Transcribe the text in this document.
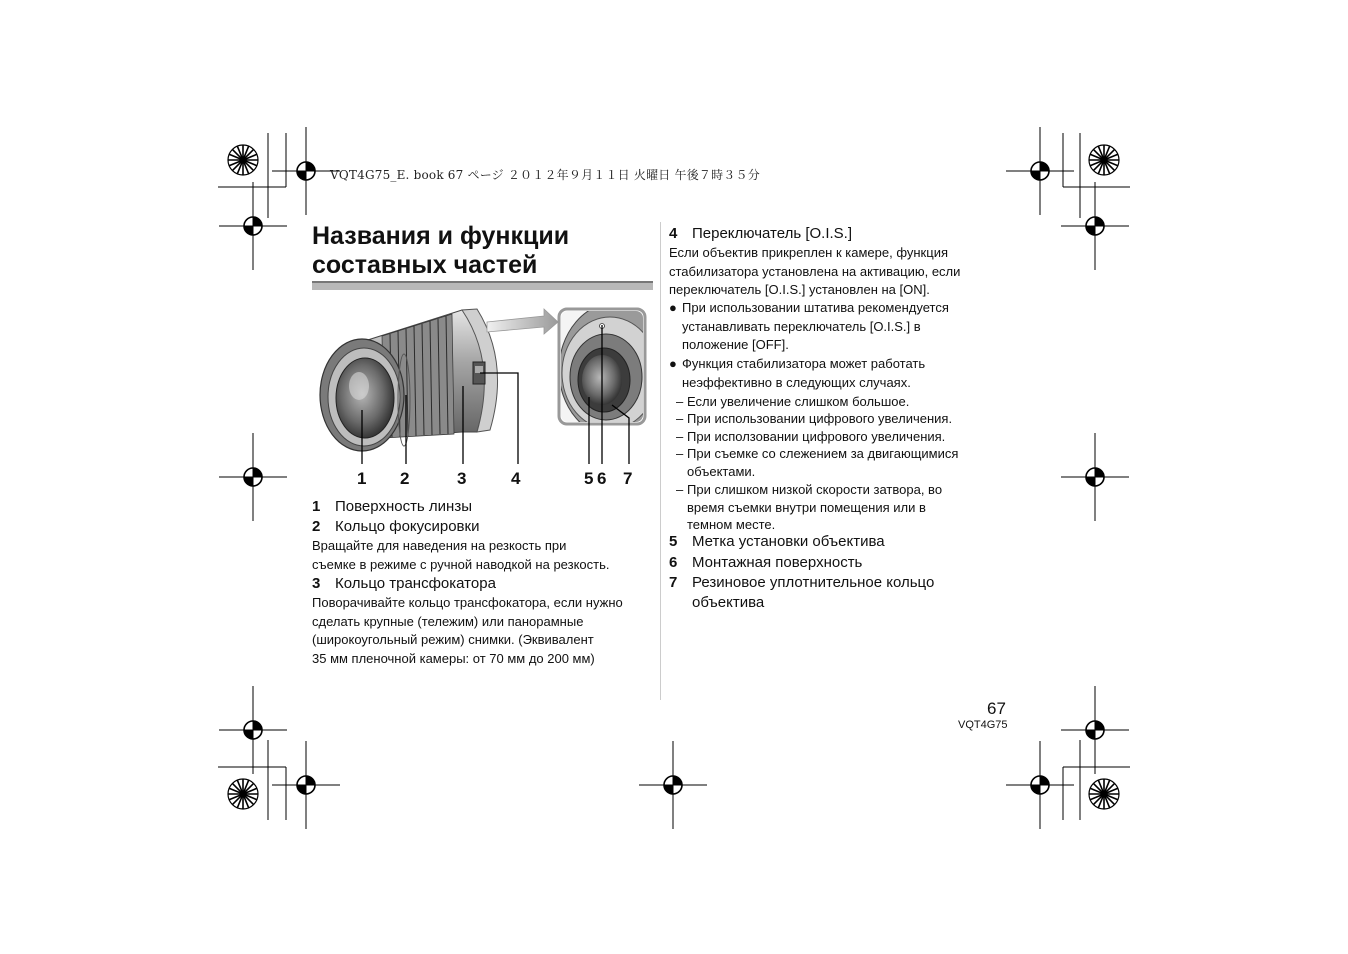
VQT4G75_E. book 67 ページ ２０１２年９月１１日 火曜日 午後７時３５分
Названия и функции
составных частей
1 2	3	4	5 6 7
1 Поверхность линзы
2 Кольцо фокусировки
Вращайте для наведения на резкость при
съемке в режиме с ручной наводкой на резкость.
3 Кольцо трансфокатора
Поворачивайте кольцо трансфокатора, если нужно
сделать крупные (тележим) или панорамные
(широкоугольный режим) снимки. (Эквивалент
35 мм пленочной камеры: от 70 мм до 200 мм)
4 Переключатель [O.I.S.]
Если объектив прикреплен к камере, функция
стабилизатора установлена на активацию, если
переключатель [O.I.S.] установлен на [ON].
● При использовании штатива рекомендуется
устанавливать переключатель [O.I.S.] в
положение [OFF].
● Функция стабилизатора может работать
неэффективно в следующих случаях.
– Если увеличение слишком большое.
– При использовании цифрового увеличения.
– При исползовании цифрового увеличения.
– При съемке со слежением за двигающимися
объектами.
– При слишком низкой скорости затвора, во
время съемки внутри помещения или в
темном месте.
5 Метка установки объектива
6 Монтажная поверхность
7 Резиновое уплотнительное кольцо
объектива
67
VQT4G75
